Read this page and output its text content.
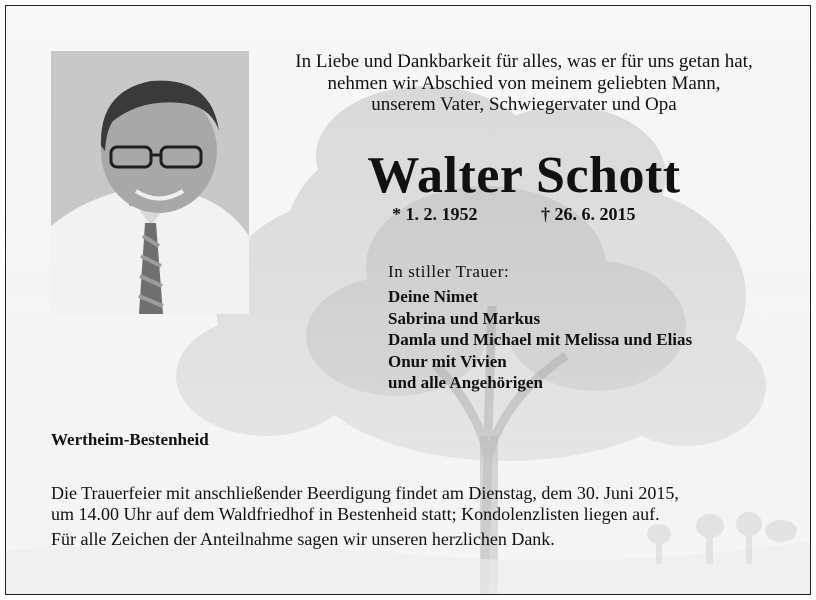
In Liebe und Dankbarkeit für alles, was er für uns getan hat,
nehmen wir Abschied von meinem geliebten Mann,
unserem Vater, Schwiegervater und Opa
Walter Schott
* 1. 2. 1952	† 26. 6. 2015
In stiller Trauer:
Deine Nimet
Sabrina und Markus
Damla und Michael mit Melissa und Elias
Onur mit Vivien
und alle Angehörigen
Wertheim-Bestenheid
Die Trauerfeier mit anschließender Beerdigung findet am Dienstag, dem 30. Juni 2015,
um 14.00 Uhr auf dem Waldfriedhof in Bestenheid statt; Kondolenzlisten liegen auf.
Für alle Zeichen der Anteilnahme sagen wir unseren herzlichen Dank.
